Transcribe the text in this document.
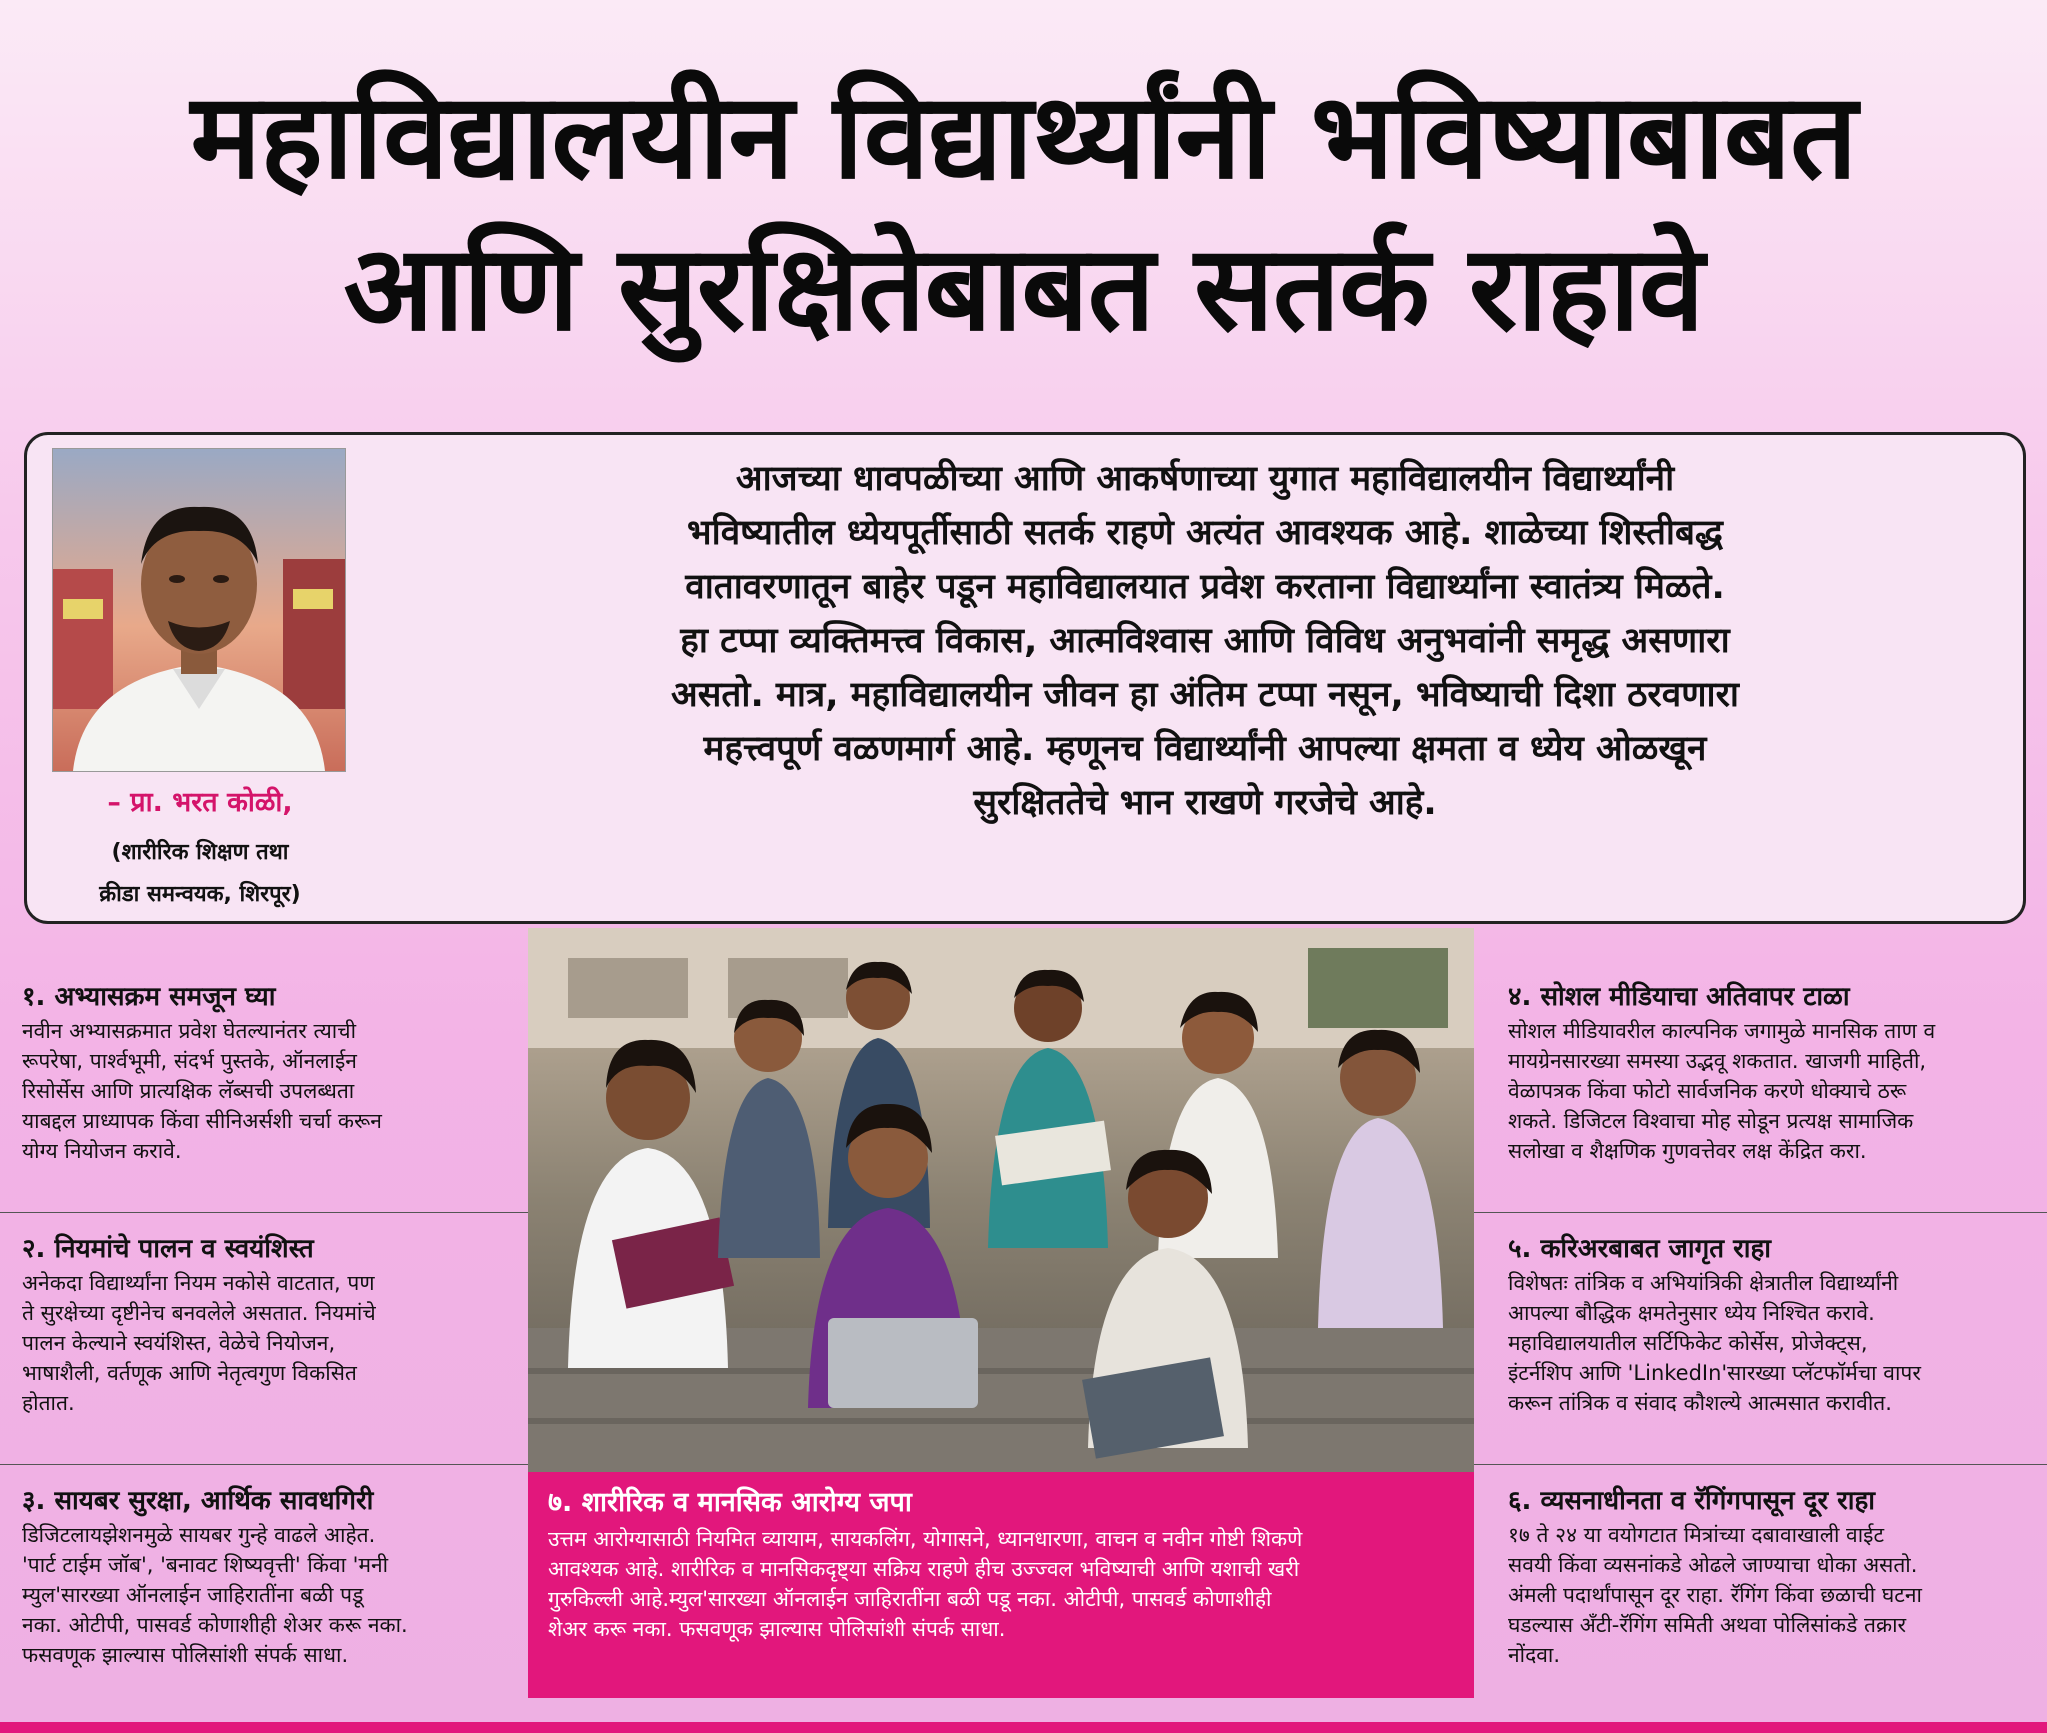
महाविद्यालयीन विद्यार्थ्यांनी भविष्याबाबत
आणि सुरक्षितेबाबत सतर्क राहावे
– प्रा. भरत कोळी,
(शारीरिक शिक्षण तथा
क्रीडा समन्वयक, शिरपूर)
आजच्या धावपळीच्या आणि आकर्षणाच्या युगात महाविद्यालयीन विद्यार्थ्यांनी
भविष्यातील ध्येयपूर्तीसाठी सतर्क राहणे अत्यंत आवश्यक आहे. शाळेच्या शिस्तीबद्ध
वातावरणातून बाहेर पडून महाविद्यालयात प्रवेश करताना विद्यार्थ्यांना स्वातंत्र्य मिळते.
हा टप्पा व्यक्तिमत्त्व विकास, आत्मविश्वास आणि विविध अनुभवांनी समृद्ध असणारा
असतो. मात्र, महाविद्यालयीन जीवन हा अंतिम टप्पा नसून, भविष्याची दिशा ठरवणारा
महत्त्वपूर्ण वळणमार्ग आहे. म्हणूनच विद्यार्थ्यांनी आपल्या क्षमता व ध्येय ओळखून
सुरक्षिततेचे भान राखणे गरजेचे आहे.
१. अभ्यासक्रम समजून घ्या

नवीन अभ्यासक्रमात प्रवेश घेतल्यानंतर त्याची

रूपरेषा, पार्श्वभूमी, संदर्भ पुस्तके, ऑनलाईन

रिसोर्सेस आणि प्रात्यक्षिक लॅब्सची उपलब्धता

याबद्दल प्राध्यापक किंवा सीनिअर्सशी चर्चा करून

योग्य नियोजन करावे.

२. नियमांचे पालन व स्वयंशिस्त

अनेकदा विद्यार्थ्यांना नियम नकोसे वाटतात, पण

ते सुरक्षेच्या दृष्टीनेच बनवलेले असतात. नियमांचे

पालन केल्याने स्वयंशिस्त, वेळेचे नियोजन,

भाषाशैली, वर्तणूक आणि नेतृत्वगुण विकसित

होतात.

३. सायबर सुरक्षा, आर्थिक सावधगिरी

डिजिटलायझेशनमुळे सायबर गुन्हे वाढले आहेत.

'पार्ट टाईम जॉब', 'बनावट शिष्यवृत्ती' किंवा 'मनी

म्युल'सारख्या ऑनलाईन जाहिरातींना बळी पडू

नका. ओटीपी, पासवर्ड कोणाशीही शेअर करू नका.

फसवणूक झाल्यास पोलिसांशी संपर्क साधा.

७. शारीरिक व मानसिक आरोग्य जपा

उत्तम आरोग्यासाठी नियमित व्यायाम, सायकलिंग, योगासने, ध्यानधारणा, वाचन व नवीन गोष्टी शिकणे

आवश्यक आहे. शारीरिक व मानसिकदृष्ट्या सक्रिय राहणे हीच उज्ज्वल भविष्याची आणि यशाची खरी

गुरुकिल्ली आहे.म्युल'सारख्या ऑनलाईन जाहिरातींना बळी पडू नका. ओटीपी, पासवर्ड कोणाशीही

शेअर करू नका. फसवणूक झाल्यास पोलिसांशी संपर्क साधा.

४. सोशल मीडियाचा अतिवापर टाळा

सोशल मीडियावरील काल्पनिक जगामुळे मानसिक ताण व

मायग्रेनसारख्या समस्या उद्भवू शकतात. खाजगी माहिती,

वेळापत्रक किंवा फोटो सार्वजनिक करणे धोक्याचे ठरू

शकते. डिजिटल विश्वाचा मोह सोडून प्रत्यक्ष सामाजिक

सलोखा व शैक्षणिक गुणवत्तेवर लक्ष केंद्रित करा.

५. करिअरबाबत जागृत राहा

विशेषतः तांत्रिक व अभियांत्रिकी क्षेत्रातील विद्यार्थ्यांनी

आपल्या बौद्धिक क्षमतेनुसार ध्येय निश्चित करावे.

महाविद्यालयातील सर्टिफिकेट कोर्सेस, प्रोजेक्ट्स,

इंटर्नशिप आणि 'LinkedIn'सारख्या प्लॅटफॉर्मचा वापर

करून तांत्रिक व संवाद कौशल्ये आत्मसात करावीत.

६. व्यसनाधीनता व रॅगिंगपासून दूर राहा

१७ ते २४ या वयोगटात मित्रांच्या दबावाखाली वाईट

सवयी किंवा व्यसनांकडे ओढले जाण्याचा धोका असतो.

अंमली पदार्थांपासून दूर राहा. रॅगिंग किंवा छळाची घटना

घडल्यास अँटी-रॅगिंग समिती अथवा पोलिसांकडे तक्रार

नोंदवा.
